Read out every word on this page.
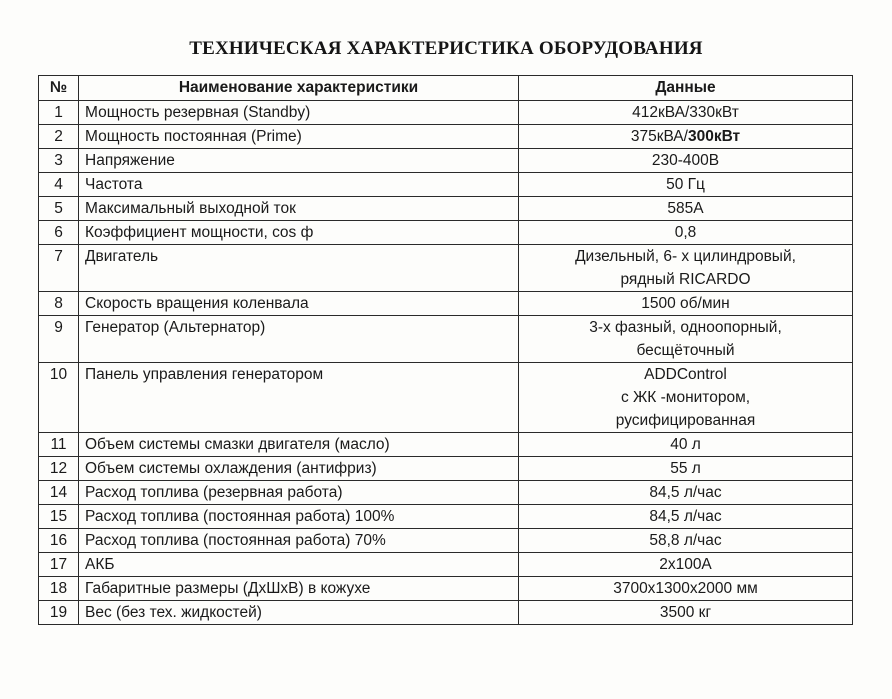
ТЕХНИЧЕСКАЯ ХАРАКТЕРИСТИКА ОБОРУДОВАНИЯ
№	Наименование характеристики	Данные
1	Мощность резервная (Standby)	412кВА/330кВт

2	Мощность постоянная (Prime)	375кВА/300кВт
3	Напряжение	230-400В

4	Частота	50 Гц

5	Максимальный выходной ток	585А

6	Коэффициент мощности, cos ф	0,8

7	Двигатель	Дизельный, 6- х цилиндровый,
рядный RICARDO

8	Скорость вращения коленвала	1500 об/мин

9	Генератор (Альтернатор)	3-х фазный, одноопорный,
бесщёточный

10	Панель управления генератором	ADDControl
с ЖК -монитором,
русифицированная

11	Объем системы смазки двигателя (масло)	40 л

12	Объем системы охлаждения (антифриз)	55 л

14	Расход топлива (резервная работа)	84,5 л/час

15	Расход топлива (постоянная работа) 100%	84,5 л/час

16	Расход топлива (постоянная работа) 70%	58,8 л/час

17	АКБ	2х100А

18	Габаритные размеры (ДхШхВ) в кожухе	3700х1300х2000 мм

19	Вес (без тех. жидкостей)	3500 кг
